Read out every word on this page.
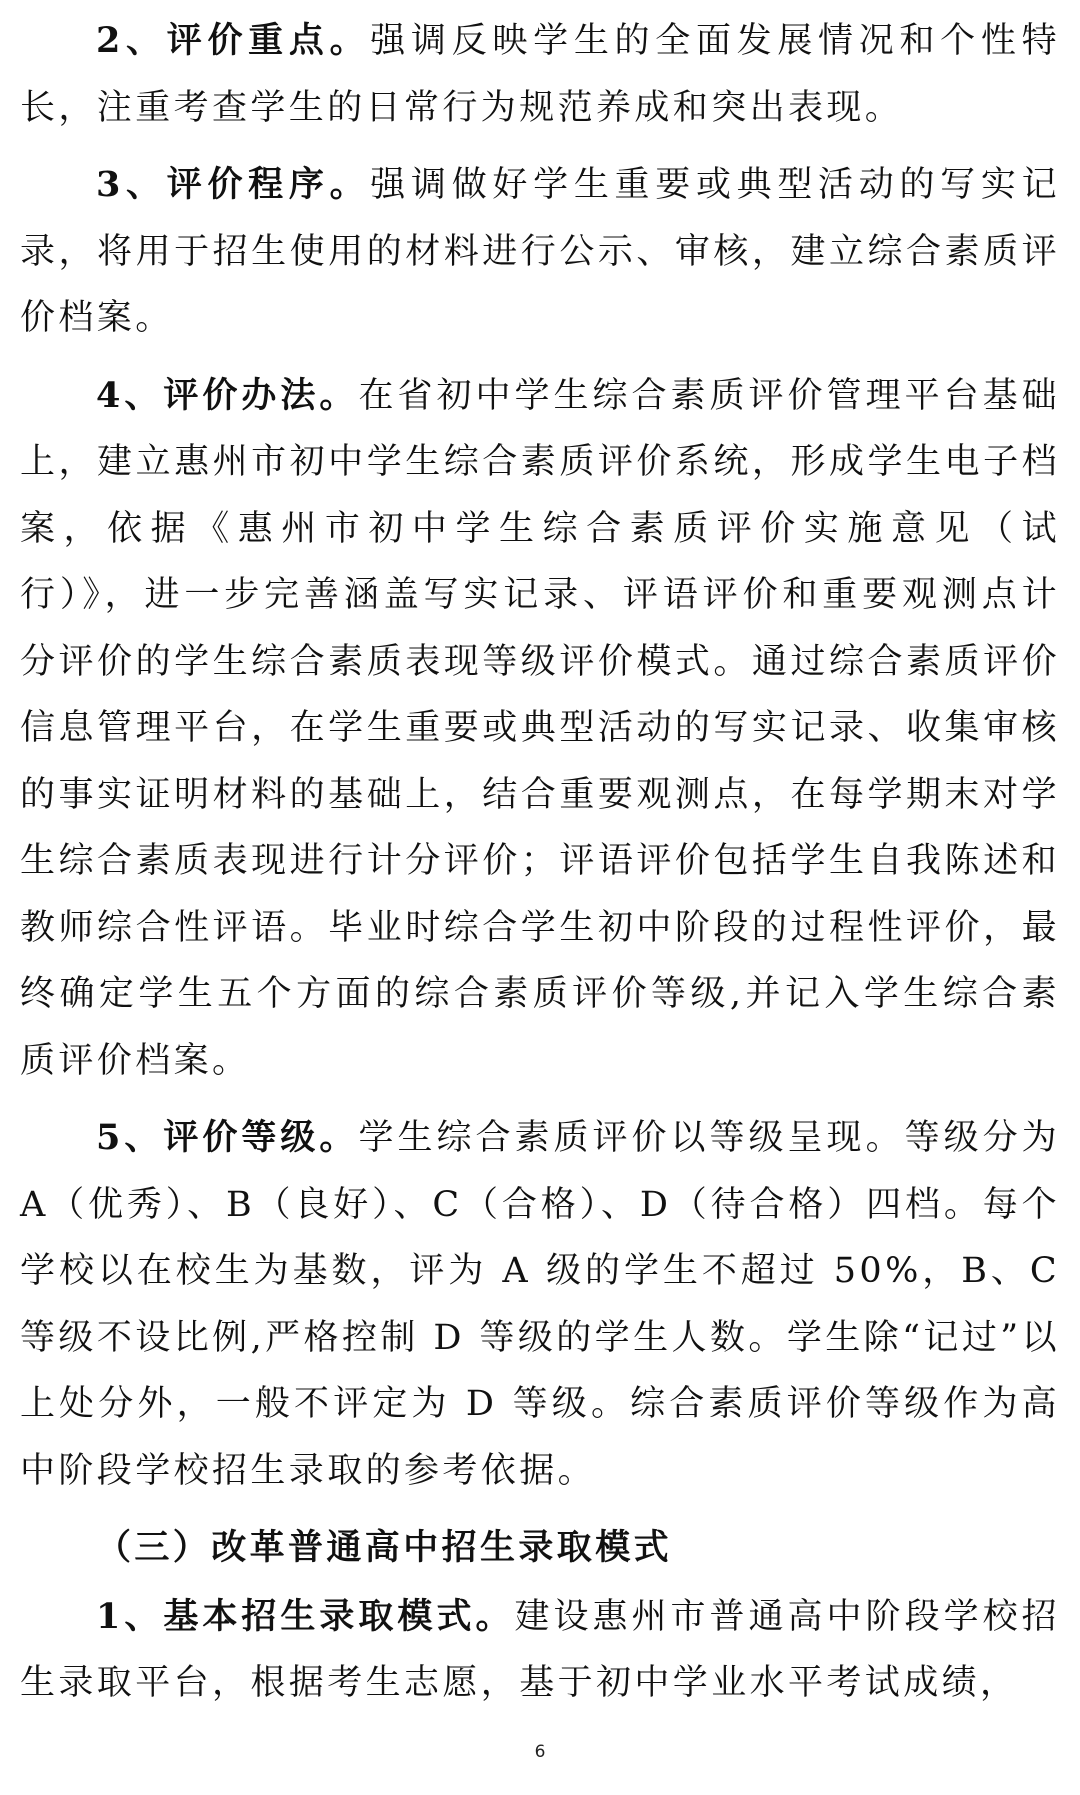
2、评价重点。强调反映学生的全面发展情况和个性特长，注重考查学生的日常行为规范养成和突出表现。

3、评价程序。强调做好学生重要或典型活动的写实记录，将用于招生使用的材料进行公示、审核，建立综合素质评价档案。

4、评价办法。在省初中学生综合素质评价管理平台基础上，建立惠州市初中学生综合素质评价系统，形成学生电子档案，依据《惠州市初中学生综合素质评价实施意见（试行）》，进一步完善涵盖写实记录、评语评价和重要观测点计分评价的学生综合素质表现等级评价模式。通过综合素质评价信息管理平台，在学生重要或典型活动的写实记录、收集审核的事实证明材料的基础上，结合重要观测点，在每学期末对学生综合素质表现进行计分评价；评语评价包括学生自我陈述和教师综合性评语。毕业时综合学生初中阶段的过程性评价，最终确定学生五个方面的综合素质评价等级,并记入学生综合素质评价档案。

5、评价等级。学生综合素质评价以等级呈现。等级分为 A（优秀）、B（良好）、C（合格）、D（待合格）四档。每个学校以在校生为基数，评为 A 级的学生不超过 50%，B、C 等级不设比例,严格控制 D 等级的学生人数。学生除“记过”以上处分外，一般不评定为 D 等级。综合素质评价等级作为高中阶段学校招生录取的参考依据。

（三）改革普通高中招生录取模式

1、基本招生录取模式。建设惠州市普通高中阶段学校招生录取平台，根据考生志愿，基于初中学业水平考试成绩，

6
